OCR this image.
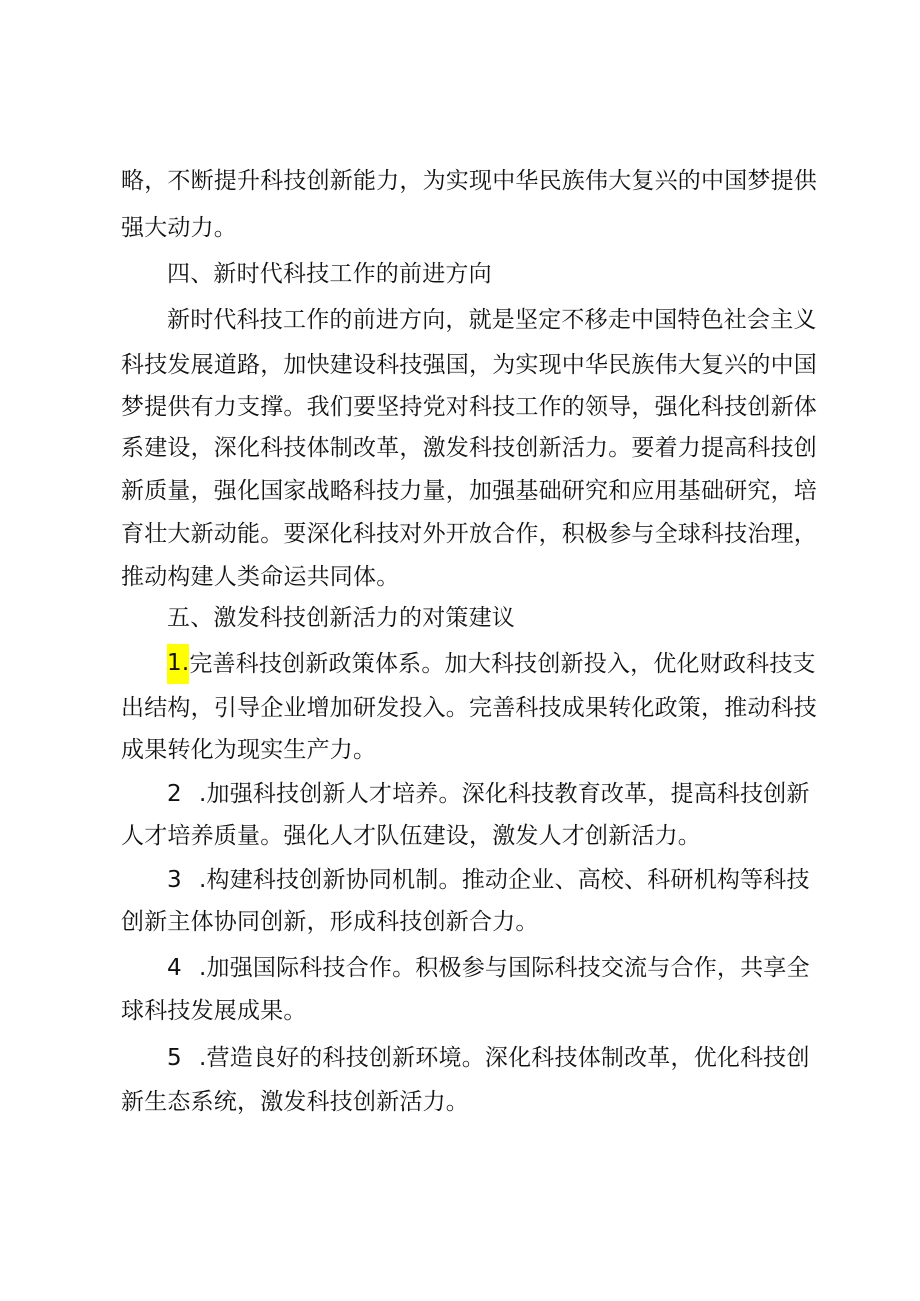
略，不断提升科技创新能力，为实现中华民族伟大复兴的中国梦提供
强大动力。
四、新时代科技工作的前进方向
新时代科技工作的前进方向，就是坚定不移走中国特色社会主义
科技发展道路，加快建设科技强国，为实现中华民族伟大复兴的中国
梦提供有力支撑。我们要坚持党对科技工作的领导，强化科技创新体
系建设，深化科技体制改革，激发科技创新活力。要着力提高科技创
新质量，强化国家战略科技力量，加强基础研究和应用基础研究，培
育壮大新动能。要深化科技对外开放合作，积极参与全球科技治理，
推动构建人类命运共同体。
五、激发科技创新活力的对策建议
1.完善科技创新政策体系。加大科技创新投入，优化财政科技支
出结构，引导企业增加研发投入。完善科技成果转化政策，推动科技
成果转化为现实生产力。
2 .加强科技创新人才培养。深化科技教育改革，提高科技创新
人才培养质量。强化人才队伍建设，激发人才创新活力。
3 .构建科技创新协同机制。推动企业、高校、科研机构等科技
创新主体协同创新，形成科技创新合力。
4 .加强国际科技合作。积极参与国际科技交流与合作，共享全
球科技发展成果。
5 .营造良好的科技创新环境。深化科技体制改革，优化科技创
新生态系统，激发科技创新活力。
